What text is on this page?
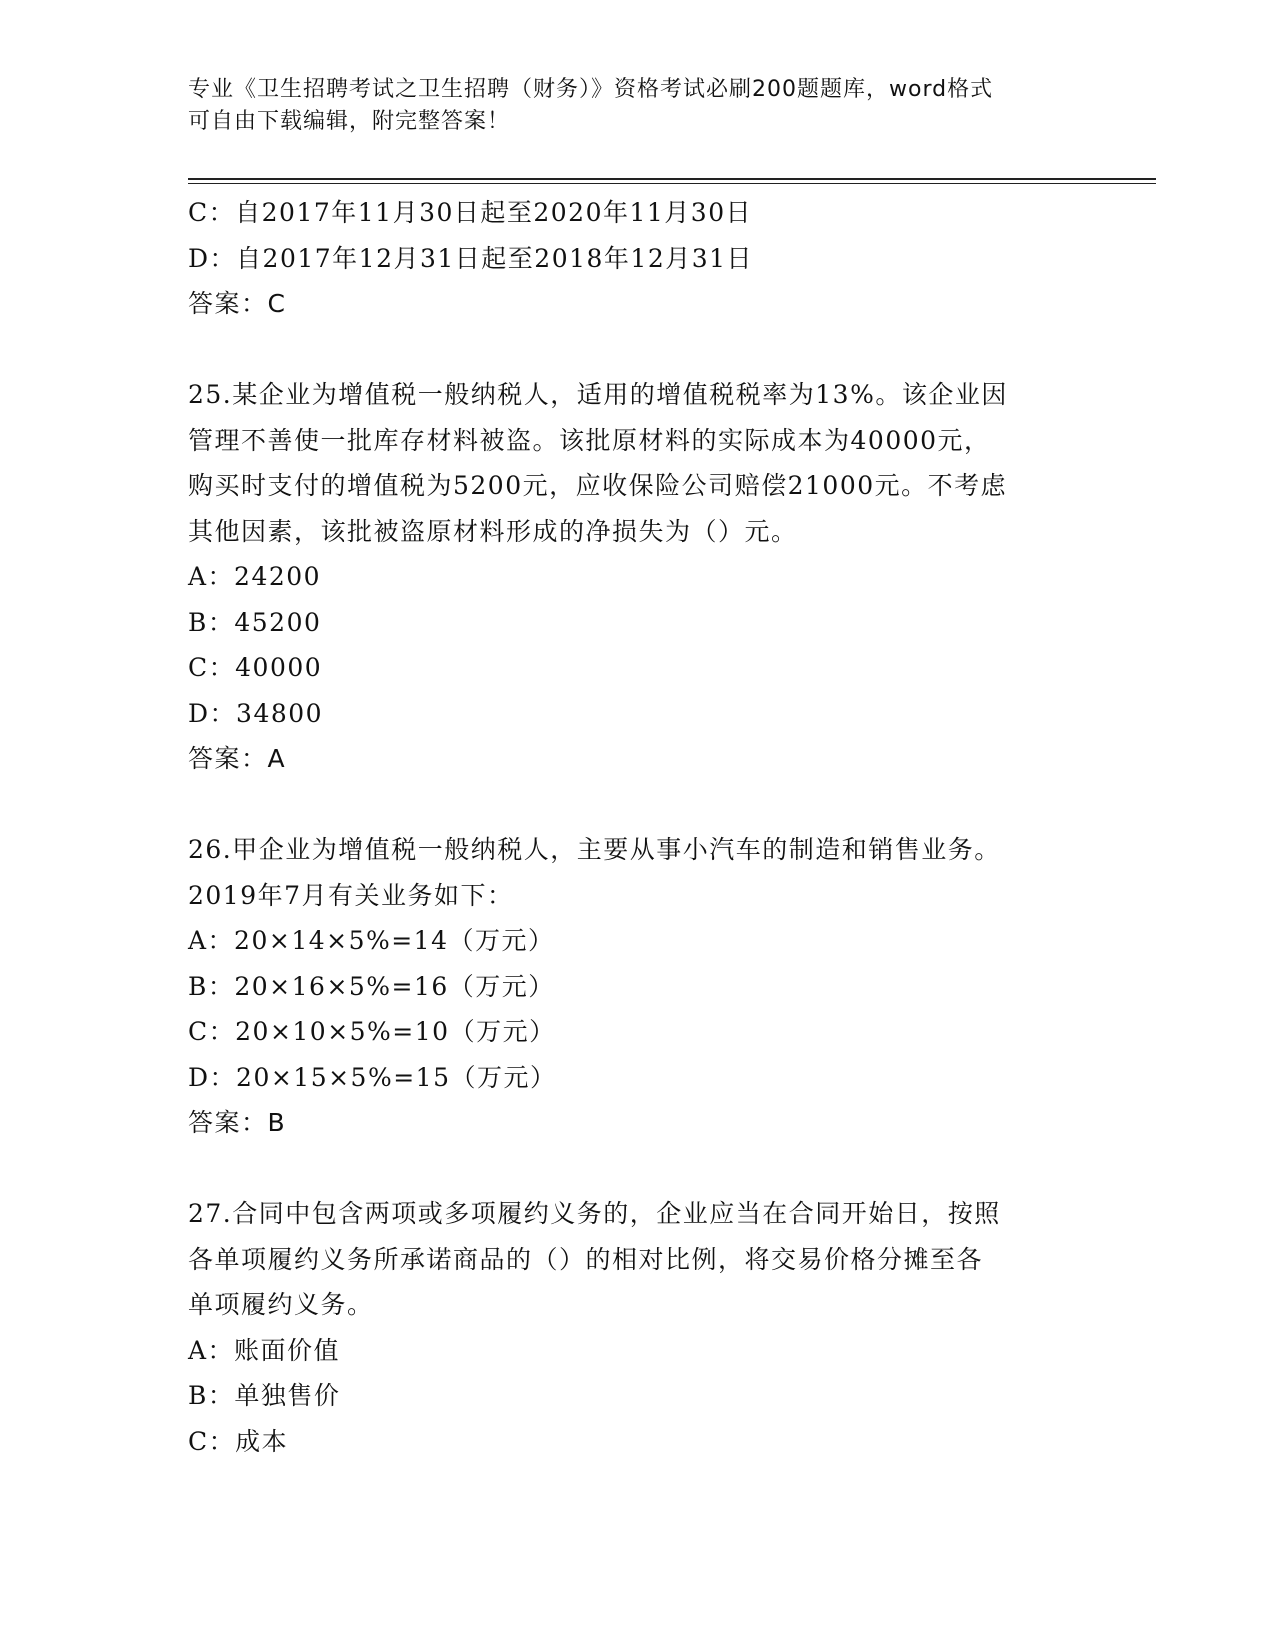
专业《卫生招聘考试之卫生招聘（财务）》资格考试必刷200题题库，word格式
可自由下载编辑，附完整答案！
C：自2017年11月30日起至2020年11月30日
D：自2017年12月31日起至2018年12月31日
答案：C
25.某企业为增值税一般纳税人，适用的增值税税率为13%。该企业因
管理不善使一批库存材料被盗。该批原材料的实际成本为40000元，
购买时支付的增值税为5200元，应收保险公司赔偿21000元。不考虑
其他因素，该批被盗原材料形成的净损失为（）元。
A：24200
B：45200
C：40000
D：34800
答案：A
26.甲企业为增值税一般纳税人，主要从事小汽车的制造和销售业务。
2019年7月有关业务如下：
A：20×14×5%=14（万元）
B：20×16×5%=16（万元）
C：20×10×5%=10（万元）
D：20×15×5%=15（万元）
答案：B
27.合同中包含两项或多项履约义务的，企业应当在合同开始日，按照
各单项履约义务所承诺商品的（）的相对比例，将交易价格分摊至各
单项履约义务。
A：账面价值
B：单独售价
C：成本
